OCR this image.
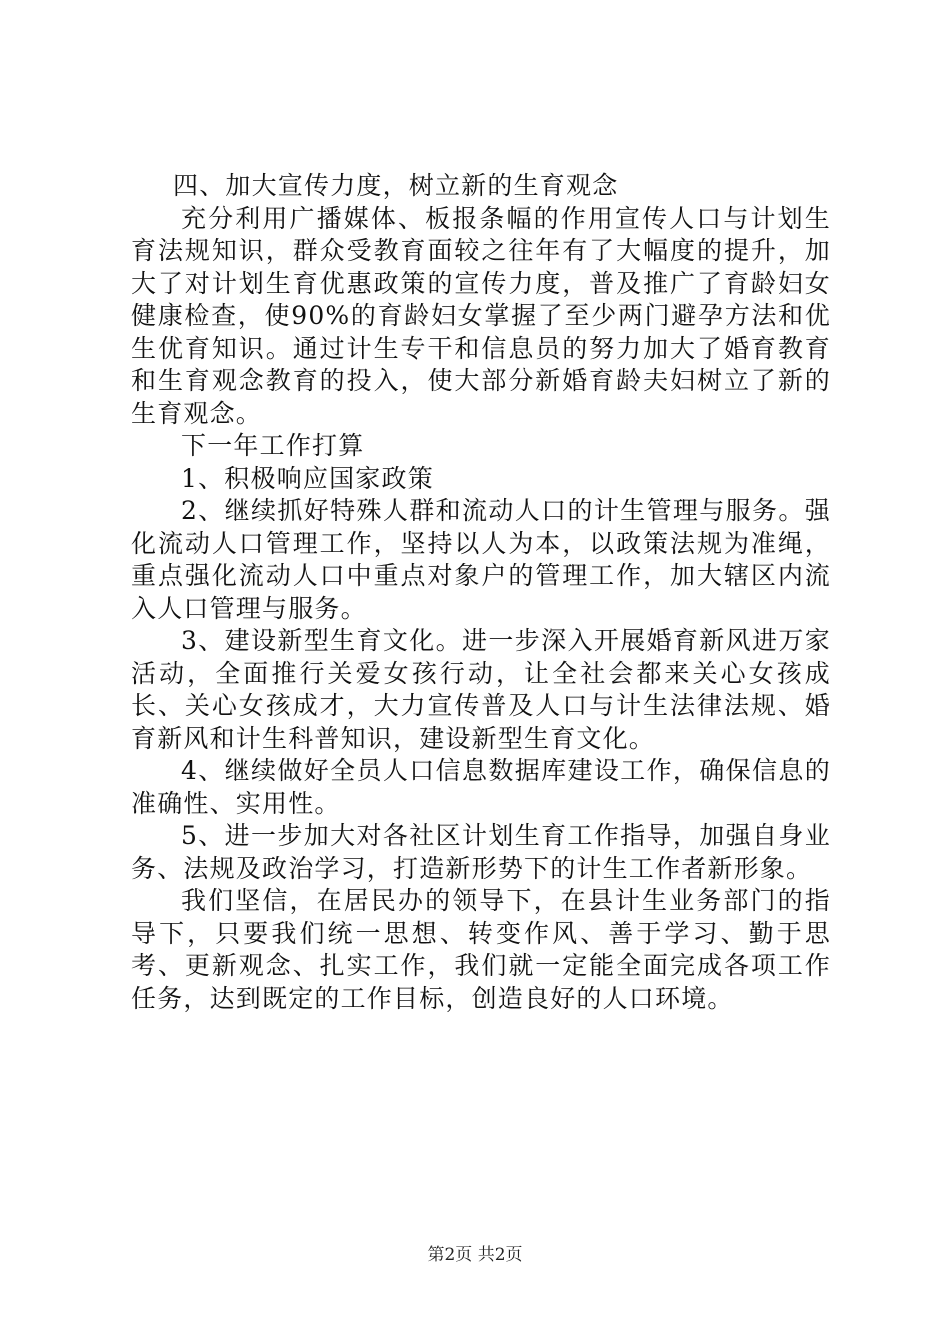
四、加大宣传力度，树立新的生育观念

充分利用广播媒体、板报条幅的作用宣传人口与计划生育法规知识，群众受教育面较之往年有了大幅度的提升，加大了对计划生育优惠政策的宣传力度，普及推广了育龄妇女健康检查，使90%的育龄妇女掌握了至少两门避孕方法和优生优育知识。通过计生专干和信息员的努力加大了婚育教育和生育观念教育的投入，使大部分新婚育龄夫妇树立了新的生育观念。

下一年工作打算

1、积极响应国家政策

2、继续抓好特殊人群和流动人口的计生管理与服务。强化流动人口管理工作，坚持以人为本，以政策法规为准绳，重点强化流动人口中重点对象户的管理工作，加大辖区内流入人口管理与服务。

3、建设新型生育文化。进一步深入开展婚育新风进万家活动，全面推行关爱女孩行动，让全社会都来关心女孩成长、关心女孩成才，大力宣传普及人口与计生法律法规、婚育新风和计生科普知识，建设新型生育文化。

4、继续做好全员人口信息数据库建设工作，确保信息的准确性、实用性。

5、进一步加大对各社区计划生育工作指导，加强自身业务、法规及政治学习，打造新形势下的计生工作者新形象。

我们坚信，在居民办的领导下，在县计生业务部门的指导下，只要我们统一思想、转变作风、善于学习、勤于思考、更新观念、扎实工作，我们就一定能全面完成各项工作任务，达到既定的工作目标，创造良好的人口环境。

第2页 共2页
